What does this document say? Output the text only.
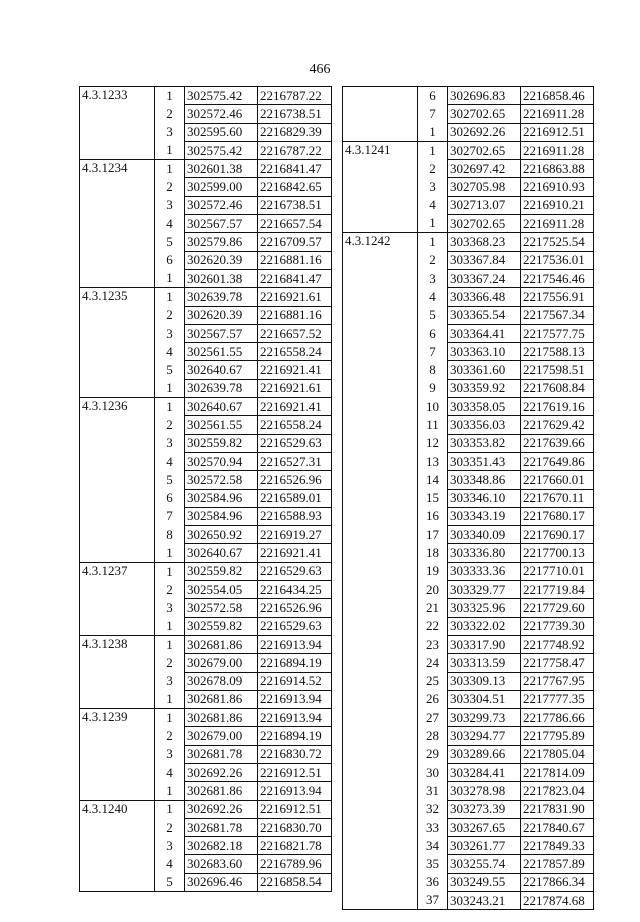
466
4.3.1233	1	302575.42	2216787.22
	2	302572.46	2216738.51
	3	302595.60	2216829.39
	1	302575.42	2216787.22
4.3.1234	1	302601.38	2216841.47
	2	302599.00	2216842.65
	3	302572.46	2216738.51
	4	302567.57	2216657.54
	5	302579.86	2216709.57
	6	302620.39	2216881.16
	1	302601.38	2216841.47
4.3.1235	1	302639.78	2216921.61
	2	302620.39	2216881.16
	3	302567.57	2216657.52
	4	302561.55	2216558.24
	5	302640.67	2216921.41
	1	302639.78	2216921.61
4.3.1236	1	302640.67	2216921.41
	2	302561.55	2216558.24
	3	302559.82	2216529.63
	4	302570.94	2216527.31
	5	302572.58	2216526.96
	6	302584.96	2216589.01
	7	302584.96	2216588.93
	8	302650.92	2216919.27
	1	302640.67	2216921.41
4.3.1237	1	302559.82	2216529.63
	2	302554.05	2216434.25
	3	302572.58	2216526.96
	1	302559.82	2216529.63
4.3.1238	1	302681.86	2216913.94
	2	302679.00	2216894.19
	3	302678.09	2216914.52
	1	302681.86	2216913.94
4.3.1239	1	302681.86	2216913.94
	2	302679.00	2216894.19
	3	302681.78	2216830.72
	4	302692.26	2216912.51
	1	302681.86	2216913.94
4.3.1240	1	302692.26	2216912.51
	2	302681.78	2216830.70
	3	302682.18	2216821.78
	4	302683.60	2216789.96
	5	302696.46	2216858.54
	6	302696.83	2216858.46
	7	302702.65	2216911.28
	1	302692.26	2216912.51
4.3.1241	1	302702.65	2216911.28
	2	302697.42	2216863.88
	3	302705.98	2216910.93
	4	302713.07	2216910.21
	1	302702.65	2216911.28
4.3.1242	1	303368.23	2217525.54
	2	303367.84	2217536.01
	3	303367.24	2217546.46
	4	303366.48	2217556.91
	5	303365.54	2217567.34
	6	303364.41	2217577.75
	7	303363.10	2217588.13
	8	303361.60	2217598.51
	9	303359.92	2217608.84
	10	303358.05	2217619.16
	11	303356.03	2217629.42
	12	303353.82	2217639.66
	13	303351.43	2217649.86
	14	303348.86	2217660.01
	15	303346.10	2217670.11
	16	303343.19	2217680.17
	17	303340.09	2217690.17
	18	303336.80	2217700.13
	19	303333.36	2217710.01
	20	303329.77	2217719.84
	21	303325.96	2217729.60
	22	303322.02	2217739.30
	23	303317.90	2217748.92
	24	303313.59	2217758.47
	25	303309.13	2217767.95
	26	303304.51	2217777.35
	27	303299.73	2217786.66
	28	303294.77	2217795.89
	29	303289.66	2217805.04
	30	303284.41	2217814.09
	31	303278.98	2217823.04
	32	303273.39	2217831.90
	33	303267.65	2217840.67
	34	303261.77	2217849.33
	35	303255.74	2217857.89
	36	303249.55	2217866.34
	37	303243.21	2217874.68
